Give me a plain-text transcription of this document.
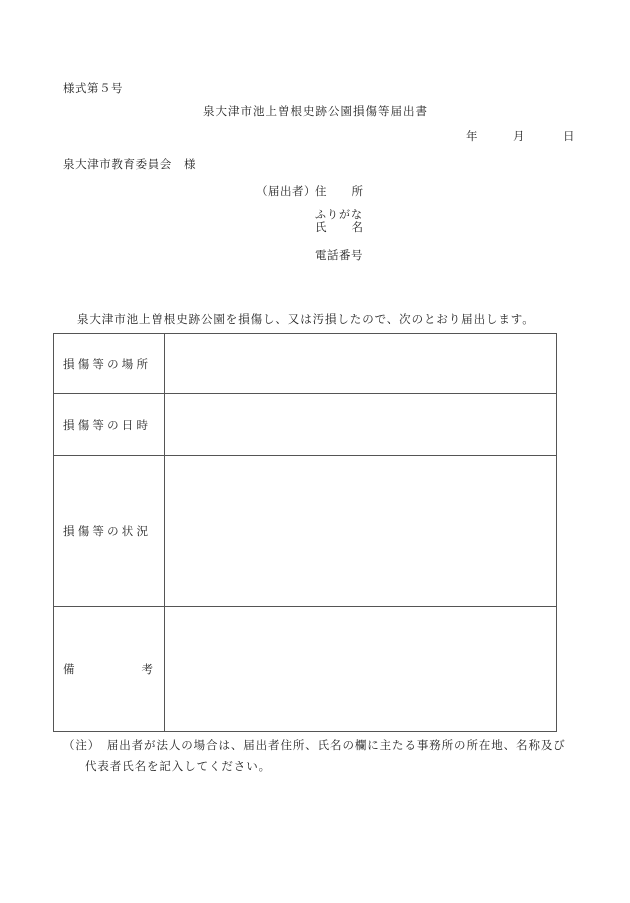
様式第５号
泉大津市池上曽根史跡公園損傷等届出書
年	月	日
泉大津市教育委員会　様
（届出者） 住 所
ふりがな
氏 名
電話番号
泉大津市池上曽根史跡公園を損傷し、又は汚損したので、次のとおり届出します。
損傷等の場所	
損傷等の日時	
損傷等の状況	

備 考	

（注）　届出者が法人の場合は、届出者住所、氏名の欄に主たる事務所の所在地、名称及び
代表者氏名を記入してください。
